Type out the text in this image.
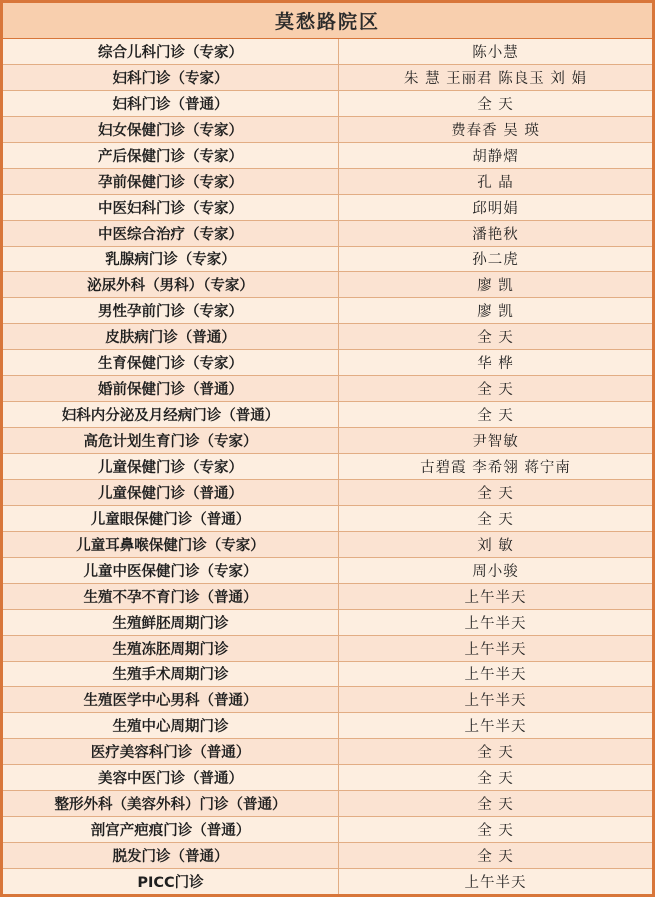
莫愁路院区
综合儿科门诊（专家）	陈小慧
妇科门诊（专家）	朱 慧 王丽君 陈良玉 刘 娟
妇科门诊（普通）	全 天
妇女保健门诊（专家）	费春香 吴 瑛
产后保健门诊（专家）	胡静熠
孕前保健门诊（专家）	孔 晶
中医妇科门诊（专家）	邱明娟
中医综合治疗（专家）	潘艳秋
乳腺病门诊（专家）	孙二虎
泌尿外科（男科）（专家）	廖 凯
男性孕前门诊（专家）	廖 凯
皮肤病门诊（普通）	全 天
生育保健门诊（专家）	华 桦
婚前保健门诊（普通）	全 天
妇科内分泌及月经病门诊（普通）	全 天
高危计划生育门诊（专家）	尹智敏
儿童保健门诊（专家）	古碧霞 李希翎 蒋宁南
儿童保健门诊（普通）	全 天
儿童眼保健门诊（普通）	全 天
儿童耳鼻喉保健门诊（专家）	刘 敏
儿童中医保健门诊（专家）	周小骏
生殖不孕不育门诊（普通）	上午半天
生殖鲜胚周期门诊	上午半天
生殖冻胚周期门诊	上午半天
生殖手术周期门诊	上午半天
生殖医学中心男科（普通）	上午半天
生殖中心周期门诊	上午半天
医疗美容科门诊（普通）	全 天
美容中医门诊（普通）	全 天
整形外科（美容外科）门诊（普通）	全 天
剖宫产疤痕门诊（普通）	全 天
脱发门诊（普通）	全 天
PICC门诊	上午半天
